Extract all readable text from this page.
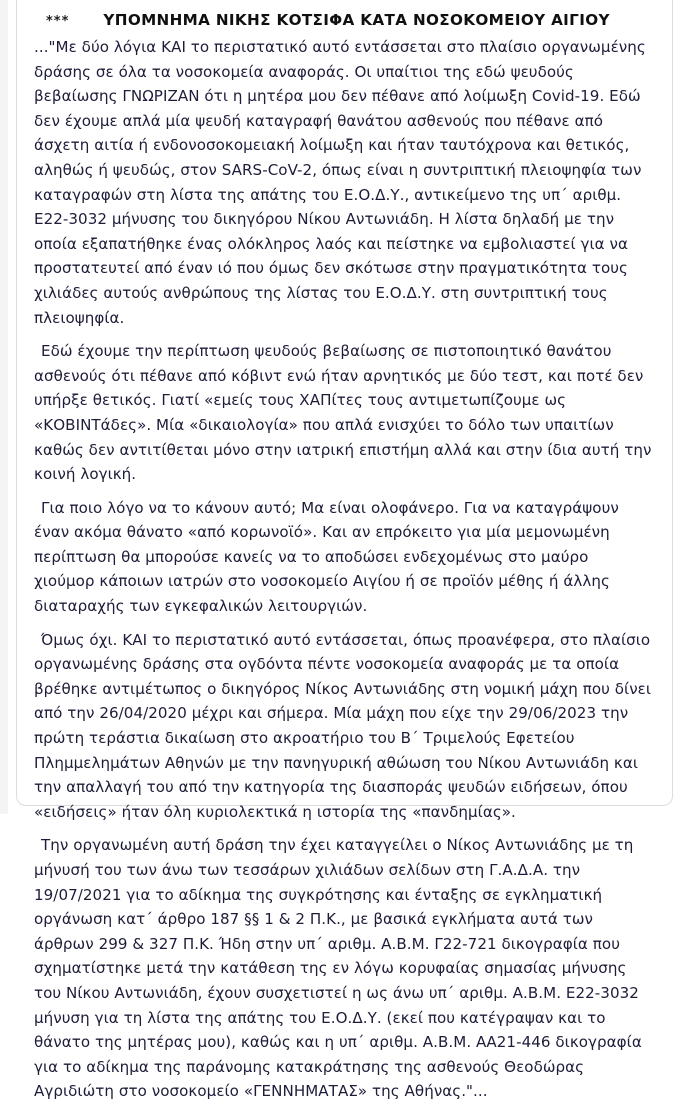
***	ΥΠΟΜΝΗΜΑ ΝΙΚΗΣ ΚΟΤΣΙΦΑ ΚΑΤΑ ΝΟΣΟΚΟΜΕΙΟΥ ΑΙΓΙΟΥ

..."Με δύο λόγια ΚΑΙ το περιστατικό αυτό εντάσσεται στο πλαίσιο οργανωμένης δράσης σε όλα τα νοσοκομεία αναφοράς. Οι υπαίτιοι της εδώ ψευδούς βεβαίωσης ΓΝΩΡΙΖΑΝ ότι η μητέρα μου δεν πέθανε από λοίμωξη Covid-19. Εδώ δεν έχουμε απλά μία ψευδή καταγραφή θανάτου ασθενούς που πέθανε από άσχετη αιτία ή ενδονοσοκομειακή λοίμωξη και ήταν ταυτόχρονα και θετικός, αληθώς ή ψευδώς, στον SARS-CoV-2, όπως είναι η συντριπτική πλειοψηφία των καταγραφών στη λίστα της απάτης του Ε.Ο.Δ.Υ., αντικείμενο της υπ΄ αριθμ. Ε22-3032 μήνυσης του δικηγόρου Νίκου Αντωνιάδη. Η λίστα δηλαδή με την οποία εξαπατήθηκε ένας ολόκληρος λαός και πείστηκε να εμβολιαστεί για να προστατευτεί από έναν ιό που όμως δεν σκότωσε στην πραγματικότητα τους χιλιάδες αυτούς ανθρώπους της λίστας του Ε.Ο.Δ.Υ. στη συντριπτική τους πλειοψηφία.

Εδώ έχουμε την περίπτωση ψευδούς βεβαίωσης σε πιστοποιητικό θανάτου ασθενούς ότι πέθανε από κόβιντ ενώ ήταν αρνητικός με δύο τεστ, και ποτέ δεν υπήρξε θετικός. Γιατί «εμείς τους ΧΑΠίτες τους αντιμετωπίζουμε ως «ΚΟΒΙΝΤάδες». Μία «δικαιολογία» που απλά ενισχύει το δόλο των υπαιτίων καθώς δεν αντιτίθεται μόνο στην ιατρική επιστήμη αλλά και στην ίδια αυτή την κοινή λογική.

Για ποιο λόγο να το κάνουν αυτό; Μα είναι ολοφάνερο. Για να καταγράψουν έναν ακόμα θάνατο «από κορωνοϊό». Και αν επρόκειτο για μία μεμονωμένη περίπτωση θα μπορούσε κανείς να το αποδώσει ενδεχομένως στο μαύρο χιούμορ κάποιων ιατρών στο νοσοκομείο Αιγίου ή σε προϊόν μέθης ή άλλης διαταραχής των εγκεφαλικών λειτουργιών.

Όμως όχι. ΚΑΙ το περιστατικό αυτό εντάσσεται, όπως προανέφερα, στο πλαίσιο οργανωμένης δράσης στα ογδόντα πέντε νοσοκομεία αναφοράς με τα οποία βρέθηκε αντιμέτωπος ο δικηγόρος Νίκος Αντωνιάδης στη νομική μάχη που δίνει από την 26/04/2020 μέχρι και σήμερα. Μία μάχη που είχε την 29/06/2023 την πρώτη τεράστια δικαίωση στο ακροατήριο του Β΄ Τριμελούς Εφετείου Πλημμελημάτων Αθηνών με την πανηγυρική αθώωση του Νίκου Αντωνιάδη και την απαλλαγή του από την κατηγορία της διασποράς ψευδών ειδήσεων, όπου «ειδήσεις» ήταν όλη κυριολεκτικά η ιστορία της «πανδημίας».

Την οργανωμένη αυτή δράση την έχει καταγγείλει ο Νίκος Αντωνιάδης με τη μήνυσή του των άνω των τεσσάρων χιλιάδων σελίδων στη Γ.Α.Δ.Α. την 19/07/2021 για το αδίκημα της συγκρότησης και ένταξης σε εγκληματική οργάνωση κατ΄ άρθρο 187 §§ 1 & 2 Π.Κ., με βασικά εγκλήματα αυτά των άρθρων 299 & 327 Π.Κ. Ήδη στην υπ΄ αριθμ. Α.Β.Μ. Γ22-721 δικογραφία που σχηματίστηκε μετά την κατάθεση της εν λόγω κορυφαίας σημασίας μήνυσης του Νίκου Αντωνιάδη, έχουν συσχετιστεί η ως άνω υπ΄ αριθμ. Α.Β.Μ. Ε22-3032 μήνυση για τη λίστα της απάτης του Ε.Ο.Δ.Υ. (εκεί που κατέγραψαν και το θάνατο της μητέρας μου), καθώς και η υπ΄ αριθμ. Α.Β.Μ. ΑΑ21-446 δικογραφία για το αδίκημα της παράνομης κατακράτησης της ασθενούς Θεοδώρας Αγριδιώτη στο νοσοκομείο «ΓΕΝΝΗΜΑΤΑΣ» της Αθήνας."...
